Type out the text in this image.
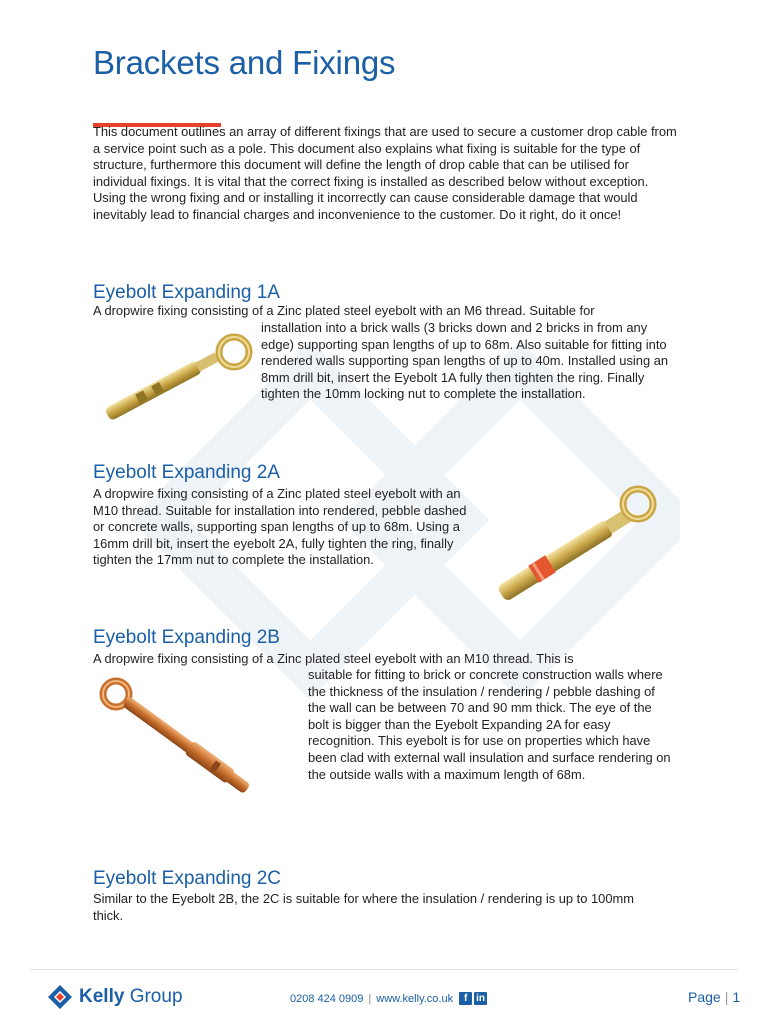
Brackets and Fixings

This document outlines an array of different fixings that are used to secure a customer drop cable from a service point such as a pole. This document also explains what fixing is suitable for the type of structure, furthermore this document will define the length of drop cable that can be utilised for individual fixings. It is vital that the correct fixing is installed as described below without exception. Using the wrong fixing and or installing it incorrectly can cause considerable damage that would inevitably lead to financial charges and inconvenience to the customer. Do it right, do it once!

Eyebolt Expanding 1A

A dropwire fixing consisting of a Zinc plated steel eyebolt with an M6 thread. Suitable for

installation into a brick walls (3 bricks down and 2 bricks in from any edge) supporting span lengths of up to 68m. Also suitable for fitting into rendered walls supporting span lengths of up to 40m. Installed using an 8mm drill bit, insert the Eyebolt 1A fully then tighten the ring. Finally tighten the 10mm locking nut to complete the installation.

Eyebolt Expanding 2A

A dropwire fixing consisting of a Zinc plated steel eyebolt with an M10 thread. Suitable for installation into rendered, pebble dashed or concrete walls, supporting span lengths of up to 68m. Using a 16mm drill bit, insert the eyebolt 2A, fully tighten the ring, finally tighten the 17mm nut to complete the installation.

Eyebolt Expanding 2B

A dropwire fixing consisting of a Zinc plated steel eyebolt with an M10 thread. This is

suitable for fitting to brick or concrete construction walls where the thickness of the insulation / rendering / pebble dashing of the wall can be between 70 and 90 mm thick. The eye of the bolt is bigger than the Eyebolt Expanding 2A for easy recognition. This eyebolt is for use on properties which have been clad with external wall insulation and surface rendering on the outside walls with a maximum length of 68m.

Eyebolt Expanding 2C

Similar to the Eyebolt 2B, the 2C is suitable for where the insulation / rendering is up to 100mm thick.

Kelly Group	0208 424 0909 | www.kelly.co.uk	f in	Page | 1
